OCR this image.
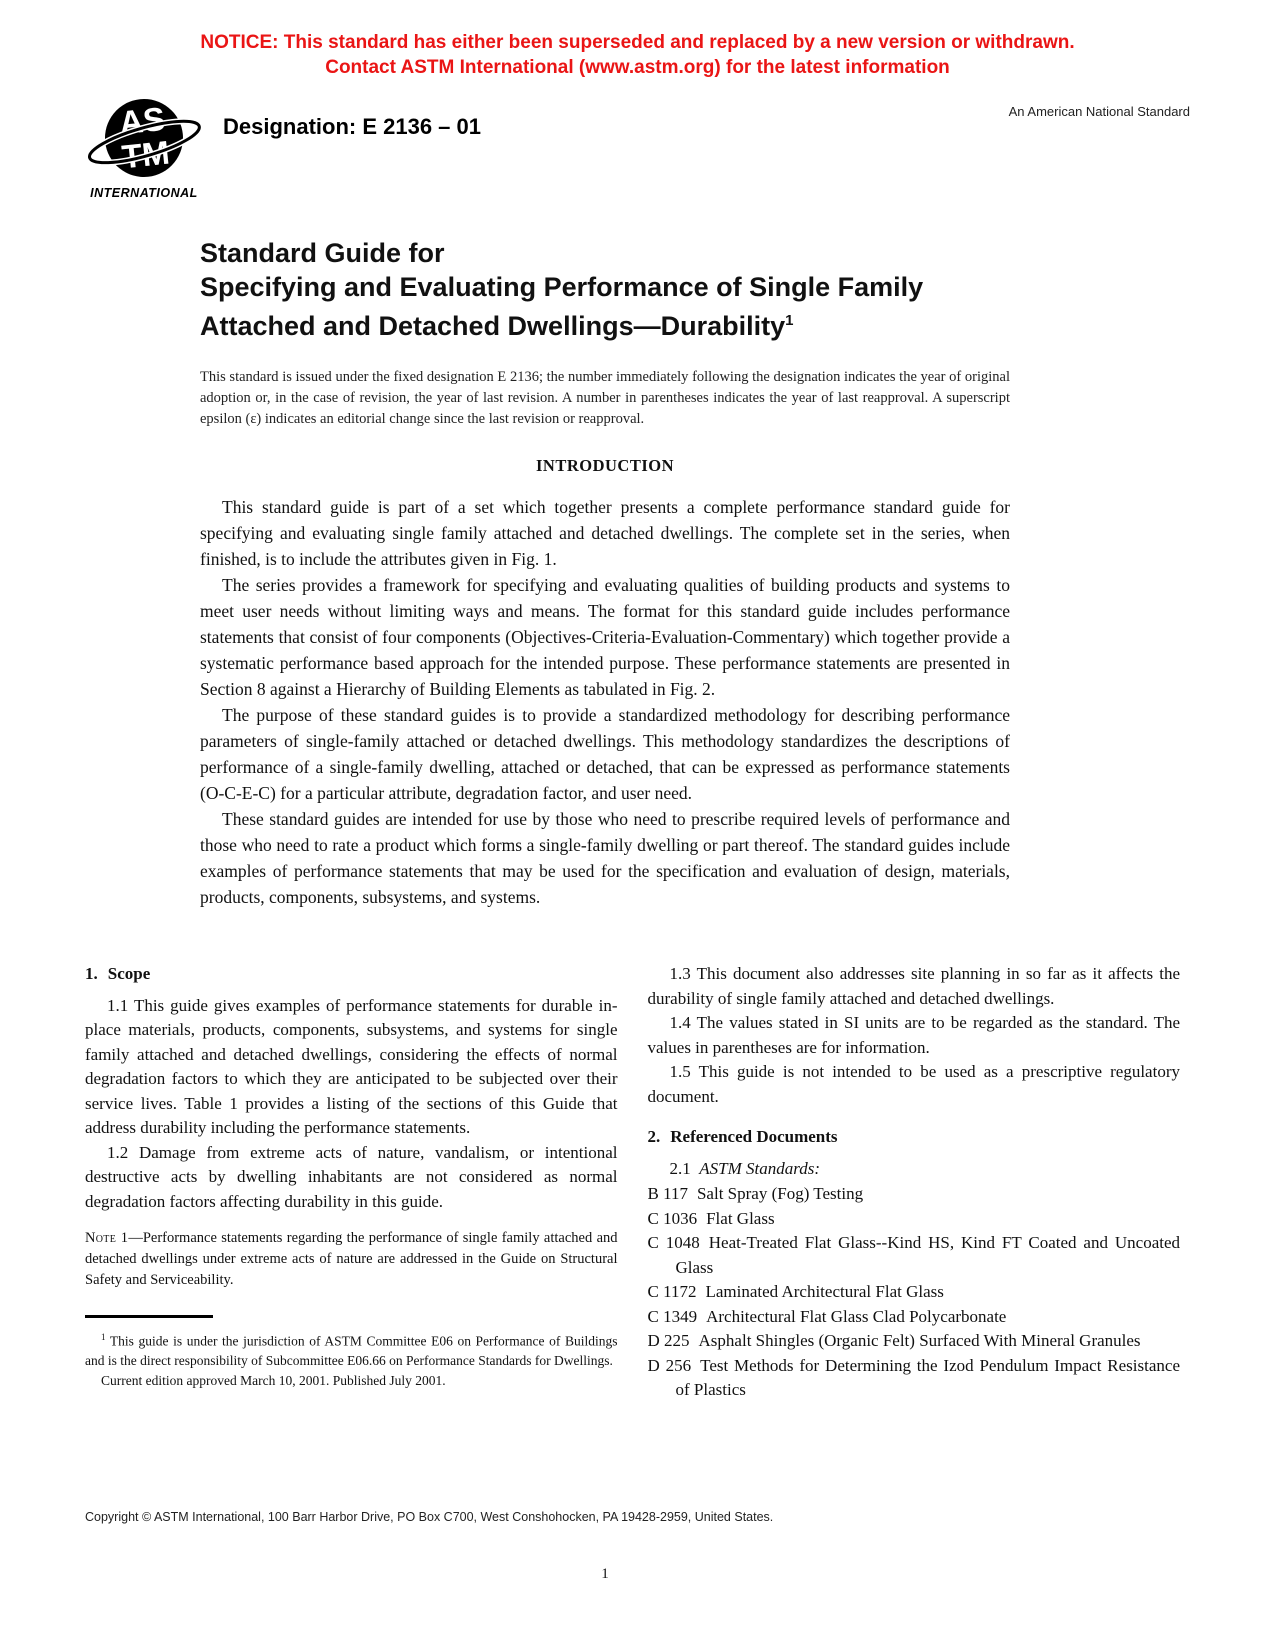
NOTICE: This standard has either been superseded and replaced by a new version or withdrawn.
Contact ASTM International (www.astm.org) for the latest information
AS
TM
INTERNATIONAL
Designation: E 2136 – 01
An American National Standard
Standard Guide for
Specifying and Evaluating Performance of Single Family
Attached and Detached Dwellings—Durability$^1$

This standard is issued under the fixed designation E 2136; the number immediately following the designation indicates the year of original adoption or, in the case of revision, the year of last revision. A number in parentheses indicates the year of last reapproval. A superscript epsilon (ε) indicates an editorial change since the last revision or reapproval.

INTRODUCTION

This standard guide is part of a set which together presents a complete performance standard guide for specifying and evaluating single family attached and detached dwellings. The complete set in the series, when finished, is to include the attributes given in Fig. 1.

The series provides a framework for specifying and evaluating qualities of building products and systems to meet user needs without limiting ways and means. The format for this standard guide includes performance statements that consist of four components (Objectives-Criteria-Evaluation-Commentary) which together provide a systematic performance based approach for the intended purpose. These performance statements are presented in Section 8 against a Hierarchy of Building Elements as tabulated in Fig. 2.

The purpose of these standard guides is to provide a standardized methodology for describing performance parameters of single-family attached or detached dwellings. This methodology standardizes the descriptions of performance of a single-family dwelling, attached or detached, that can be expressed as performance statements (O-C-E-C) for a particular attribute, degradation factor, and user need.

These standard guides are intended for use by those who need to prescribe required levels of performance and those who need to rate a product which forms a single-family dwelling or part thereof. The standard guides include examples of performance statements that may be used for the specification and evaluation of design, materials, products, components, subsystems, and systems.

1. Scope

1.1 This guide gives examples of performance statements for durable in-place materials, products, components, subsystems, and systems for single family attached and detached dwellings, considering the effects of normal degradation factors to which they are anticipated to be subjected over their service lives. Table 1 provides a listing of the sections of this Guide that address durability including the performance statements.

1.2 Damage from extreme acts of nature, vandalism, or intentional destructive acts by dwelling inhabitants are not considered as normal degradation factors affecting durability in this guide.

Note 1—Performance statements regarding the performance of single family attached and detached dwellings under extreme acts of nature are addressed in the Guide on Structural Safety and Serviceability.

$^1$ This guide is under the jurisdiction of ASTM Committee E06 on Performance of Buildings and is the direct responsibility of Subcommittee E06.66 on Performance Standards for Dwellings.
Current edition approved March 10, 2001. Published July 2001.

1.3 This document also addresses site planning in so far as it affects the durability of single family attached and detached dwellings.

1.4 The values stated in SI units are to be regarded as the standard. The values in parentheses are for information.

1.5 This guide is not intended to be used as a prescriptive regulatory document.

2. Referenced Documents

2.1 ASTM Standards:

B 117 Salt Spray (Fog) Testing
C 1036 Flat Glass
C 1048 Heat-Treated Flat Glass--Kind HS, Kind FT Coated and Uncoated Glass
C 1172 Laminated Architectural Flat Glass
C 1349 Architectural Flat Glass Clad Polycarbonate
D 225 Asphalt Shingles (Organic Felt) Surfaced With Mineral Granules
D 256 Test Methods for Determining the Izod Pendulum Impact Resistance of Plastics
Copyright © ASTM International, 100 Barr Harbor Drive, PO Box C700, West Conshohocken, PA 19428-2959, United States.
1
